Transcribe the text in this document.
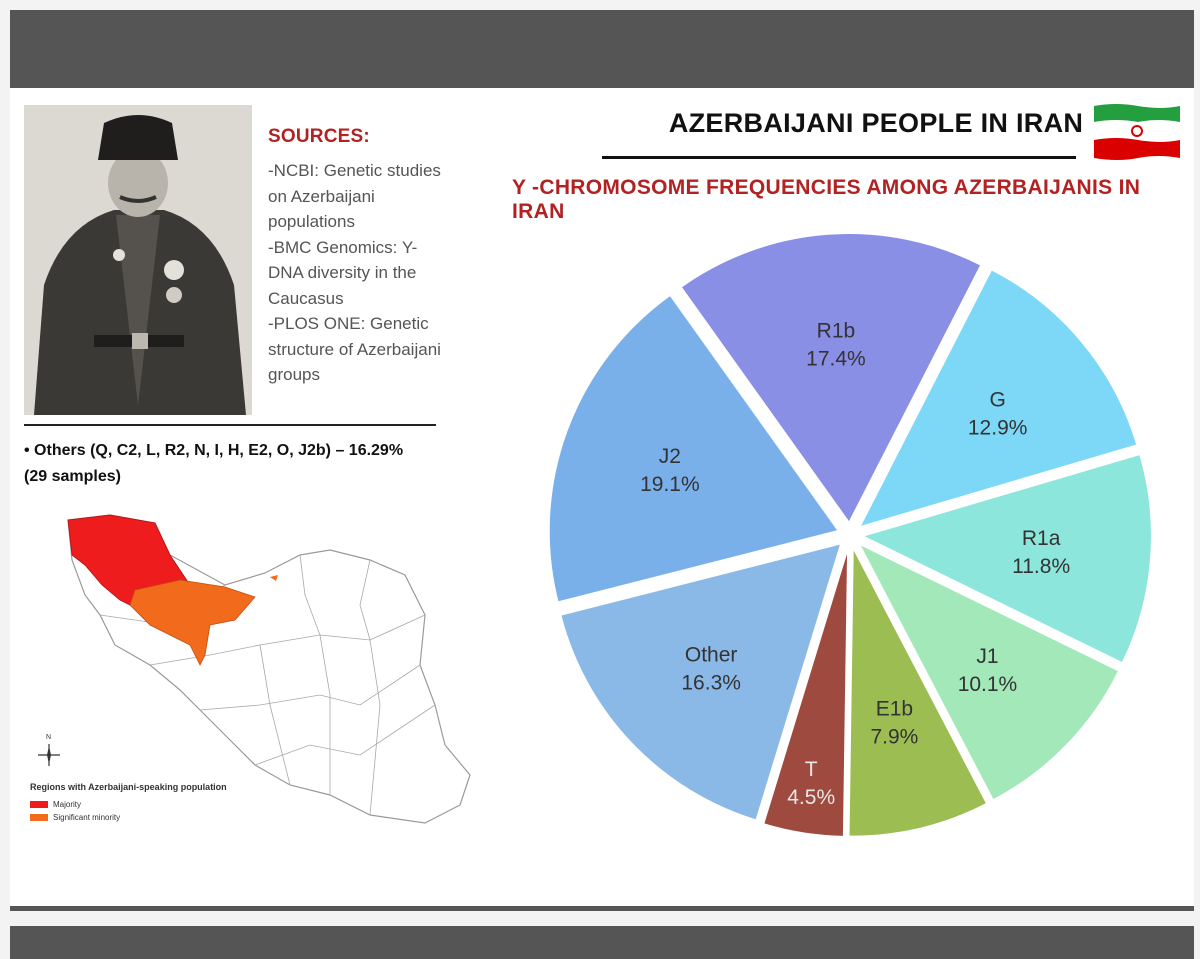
SOURCES:
-NCBI: Genetic studies
on Azerbaijani
populations
-BMC Genomics: Y-
DNA diversity in the
Caucasus
-PLOS ONE: Genetic
structure of Azerbaijani
groups
• Others (Q, C2, L, R2, N, I, H, E2, O, J2b) – 16.29%
(29 samples)
N
Regions with Azerbaijani-speaking population
Majority
Significant minority
AZERBAIJANI PEOPLE IN IRAN
Y -CHROMOSOME FREQUENCIES AMONG AZERBAIJANIS IN IRAN
R1b
17.4%
G
12.9%
R1a
11.8%
J1
10.1%
E1b
7.9%
T
4.5%
Other
16.3%
J2
19.1%
